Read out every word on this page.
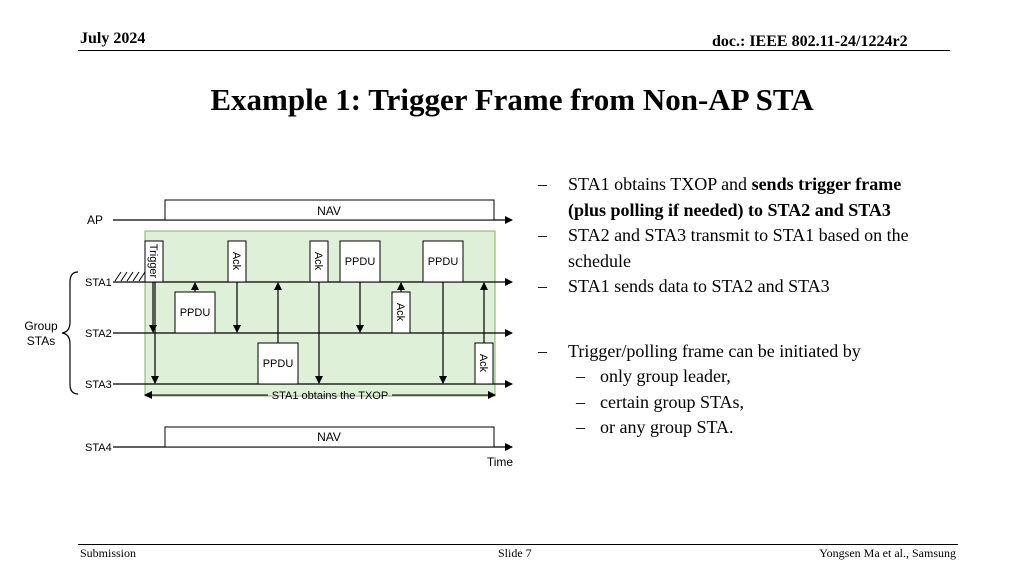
July 2024	doc.: IEEE 802.11-24/1224r2
Example 1: Trigger Frame from Non-AP STA
AP
STA1
STA2
STA3
STA4
Group
STAs
NAV
NAV
Trigger	Ack	Ack PPDU	PPDU
PPDU	Ack
PPDU	Ack
STA1 obtains the TXOP
Time
– STA1 obtains TXOP and sends trigger frame (plus polling if needed) to STA2 and STA3
– STA2 and STA3 transmit to STA1 based on the schedule
– STA1 sends data to STA2 and STA3
– Trigger/polling frame can be initiated by
– only group leader,
– certain group STAs,
– or any group STA.
Submission	Slide 7	Yongsen Ma et al., Samsung
